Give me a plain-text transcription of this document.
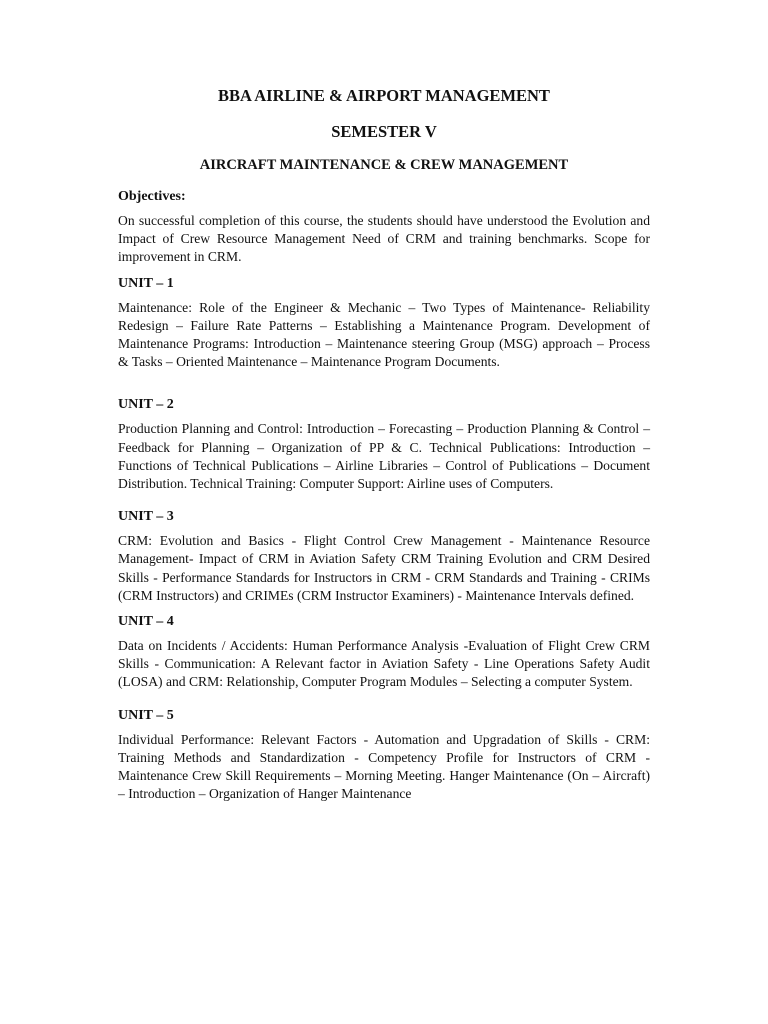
BBA AIRLINE & AIRPORT MANAGEMENT
SEMESTER V
AIRCRAFT MAINTENANCE & CREW MANAGEMENT

Objectives:

On successful completion of this course, the students should have understood the Evolution and Impact of Crew Resource Management Need of CRM and training benchmarks. Scope for improvement in CRM.

UNIT – 1

Maintenance: Role of the Engineer & Mechanic – Two Types of Maintenance- Reliability Redesign – Failure Rate Patterns – Establishing a Maintenance Program. Development of Maintenance Programs: Introduction – Maintenance steering Group (MSG) approach – Process & Tasks – Oriented Maintenance – Maintenance Program Documents.

UNIT – 2

Production Planning and Control: Introduction – Forecasting – Production Planning & Control – Feedback for Planning – Organization of PP & C. Technical Publications: Introduction –Functions of Technical Publications – Airline Libraries – Control of Publications – Document Distribution. Technical Training: Computer Support: Airline uses of Computers.

UNIT – 3

CRM: Evolution and Basics - Flight Control Crew Management - Maintenance Resource Management- Impact of CRM in Aviation Safety CRM Training Evolution and CRM Desired Skills - Performance Standards for Instructors in CRM - CRM Standards and Training - CRIMs (CRM Instructors) and CRIMEs (CRM Instructor Examiners) - Maintenance Intervals defined.

UNIT – 4

Data on Incidents / Accidents: Human Performance Analysis -Evaluation of Flight Crew CRM Skills - Communication: A Relevant factor in Aviation Safety - Line Operations Safety Audit (LOSA) and CRM: Relationship, Computer Program Modules – Selecting a computer System.

UNIT – 5

Individual Performance: Relevant Factors - Automation and Upgradation of Skills - CRM: Training Methods and Standardization - Competency Profile for Instructors of CRM - Maintenance Crew Skill Requirements – Morning Meeting. Hanger Maintenance (On – Aircraft) – Introduction – Organization of Hanger Maintenance
